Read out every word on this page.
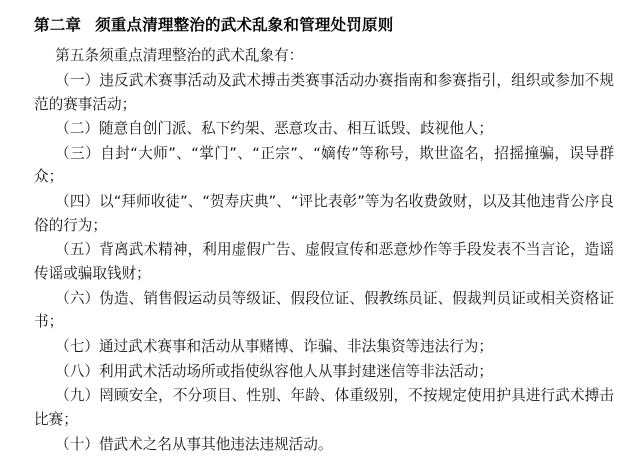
第二章 须重点清理整治的武术乱象和管理处罚原则

第五条须重点清理整治的武术乱象有：

（一）违反武术赛事活动及武术搏击类赛事活动办赛指南和参赛指引，组织或参加不规范的赛事活动；

（二）随意自创门派、私下约架、恶意攻击、相互诋毁、歧视他人；

（三）自封“大师”、“掌门”、“正宗”、“嫡传”等称号，欺世盗名，招摇撞骗，误导群众；

（四）以“拜师收徒”、“贺寿庆典”、“评比表彰”等为名收费敛财，以及其他违背公序良俗的行为；

（五）背离武术精神，利用虚假广告、虚假宣传和恶意炒作等手段发表不当言论，造谣传谣或骗取钱财；

（六）伪造、销售假运动员等级证、假段位证、假教练员证、假裁判员证或相关资格证书；

（七）通过武术赛事和活动从事赌博、诈骗、非法集资等违法行为；

（八）利用武术活动场所或指使纵容他人从事封建迷信等非法活动；

（九）罔顾安全，不分项目、性别、年龄、体重级别，不按规定使用护具进行武术搏击比赛；

（十）借武术之名从事其他违法违规活动。
